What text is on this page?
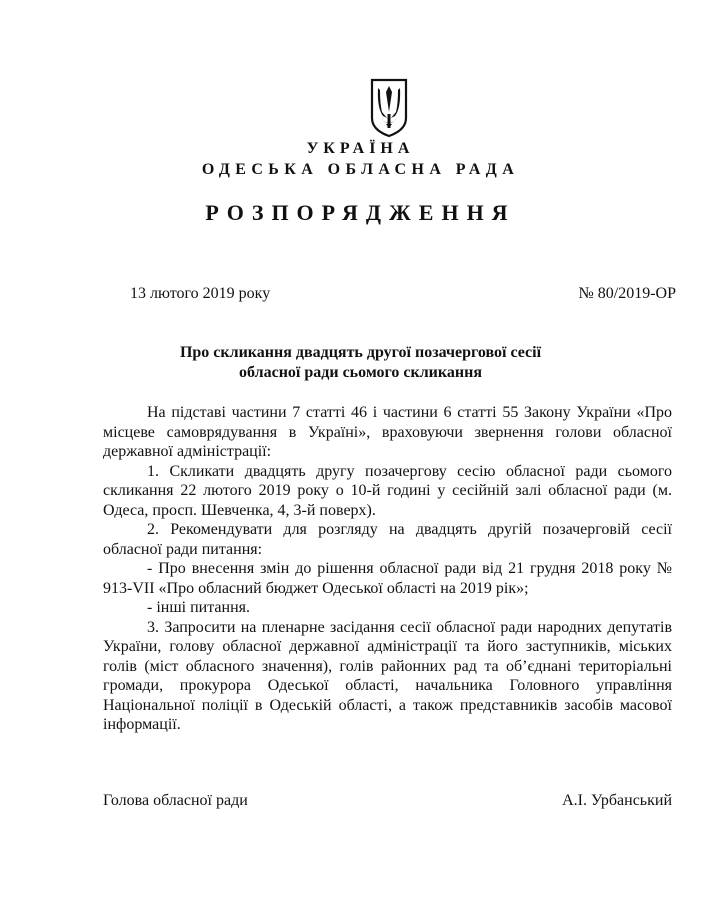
УКРАЇНА
ОДЕСЬКА ОБЛАСНА РАДА
РОЗПОРЯДЖЕННЯ
13 лютого 2019 року	№ 80/2019-ОР
Про скликання двадцять другої позачергової сесії
обласної ради сьомого скликання

На підставі частини 7 статті 46 і частини 6 статті 55 Закону України «Про місцеве самоврядування в Україні», враховуючи звернення голови обласної державної адміністрації:

1. Скликати двадцять другу позачергову сесію обласної ради сьомого скликання 22 лютого 2019 року о 10-й годині у сесійній залі обласної ради (м. Одеса, просп. Шевченка, 4, 3-й поверх).

2. Рекомендувати для розгляду на двадцять другій позачерговій сесії обласної ради питання:

- Про внесення змін до рішення обласної ради від 21 грудня 2018 року № 913-VII «Про обласний бюджет Одеської області на 2019 рік»;

- інші питання.

3. Запросити на пленарне засідання сесії обласної ради народних депутатів України, голову обласної державної адміністрації та його заступників, міських голів (міст обласного значення), голів районних рад та об’єднані територіальні громади, прокурора Одеської області, начальника Головного управління Національної поліції в Одеській області, а також представників засобів масової інформації.

Голова обласної ради	А.І. Урбанський
